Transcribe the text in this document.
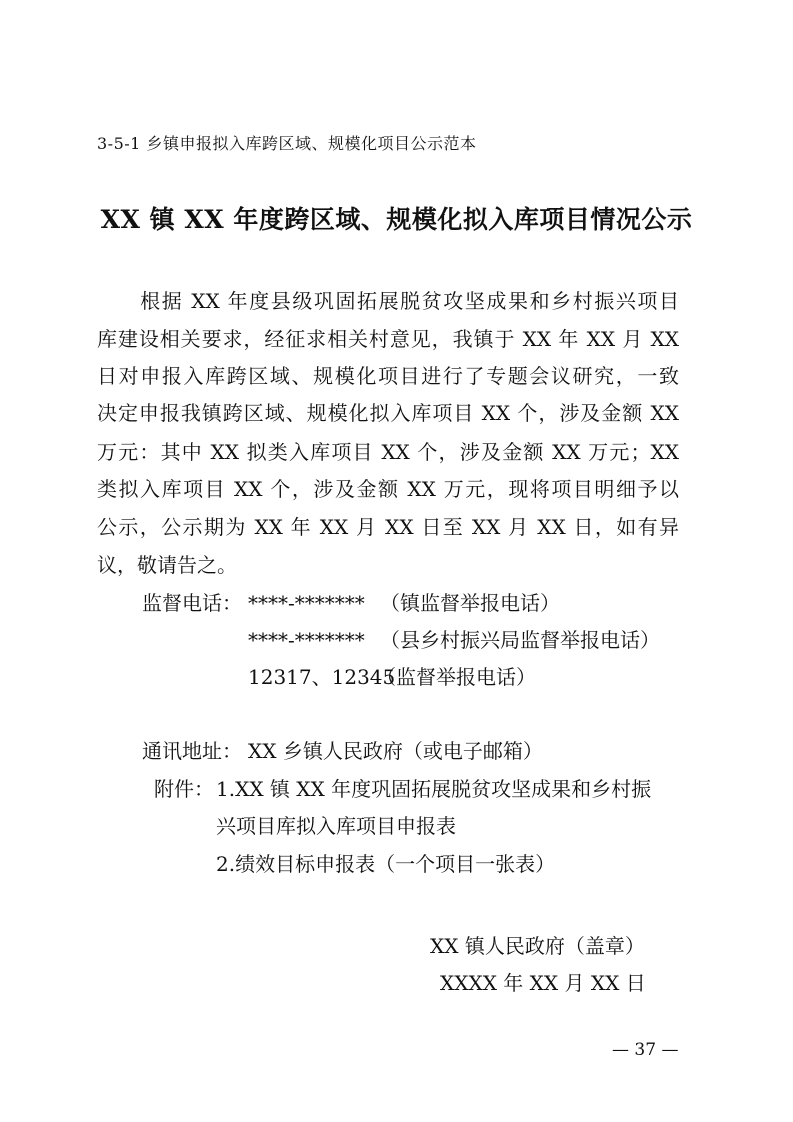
3-5-1 乡镇申报拟入库跨区域、规模化项目公示范本
XX 镇 XX 年度跨区域、规模化拟入库项目情况公示
　　根据 XX 年度县级巩固拓展脱贫攻坚成果和乡村振兴项目
库建设相关要求，经征求相关村意见，我镇于 XX 年 XX 月 XX
日对申报入库跨区域、规模化项目进行了专题会议研究，一致
决定申报我镇跨区域、规模化拟入库项目 XX 个，涉及金额 XX
万元：其中 XX 拟类入库项目 XX 个，涉及金额 XX 万元；XX
类拟入库项目 XX 个，涉及金额 XX 万元，现将项目明细予以
公示，公示期为 XX 年 XX 月 XX 日至 XX 月 XX 日，如有异
议，敬请告之。
监督电话： ****-******* （镇监督举报电话）
****-******* （县乡村振兴局监督举报电话）
12317、12345
（监督举报电话）
通讯地址： XX 乡镇人民政府（或电子邮箱）
附件： 1.XX 镇 XX 年度巩固拓展脱贫攻坚成果和乡村振
兴项目库拟入库项目申报表
2.绩效目标申报表（一个项目一张表）
XX 镇人民政府（盖章）
XXXX 年 XX 月 XX 日
— 37 —
